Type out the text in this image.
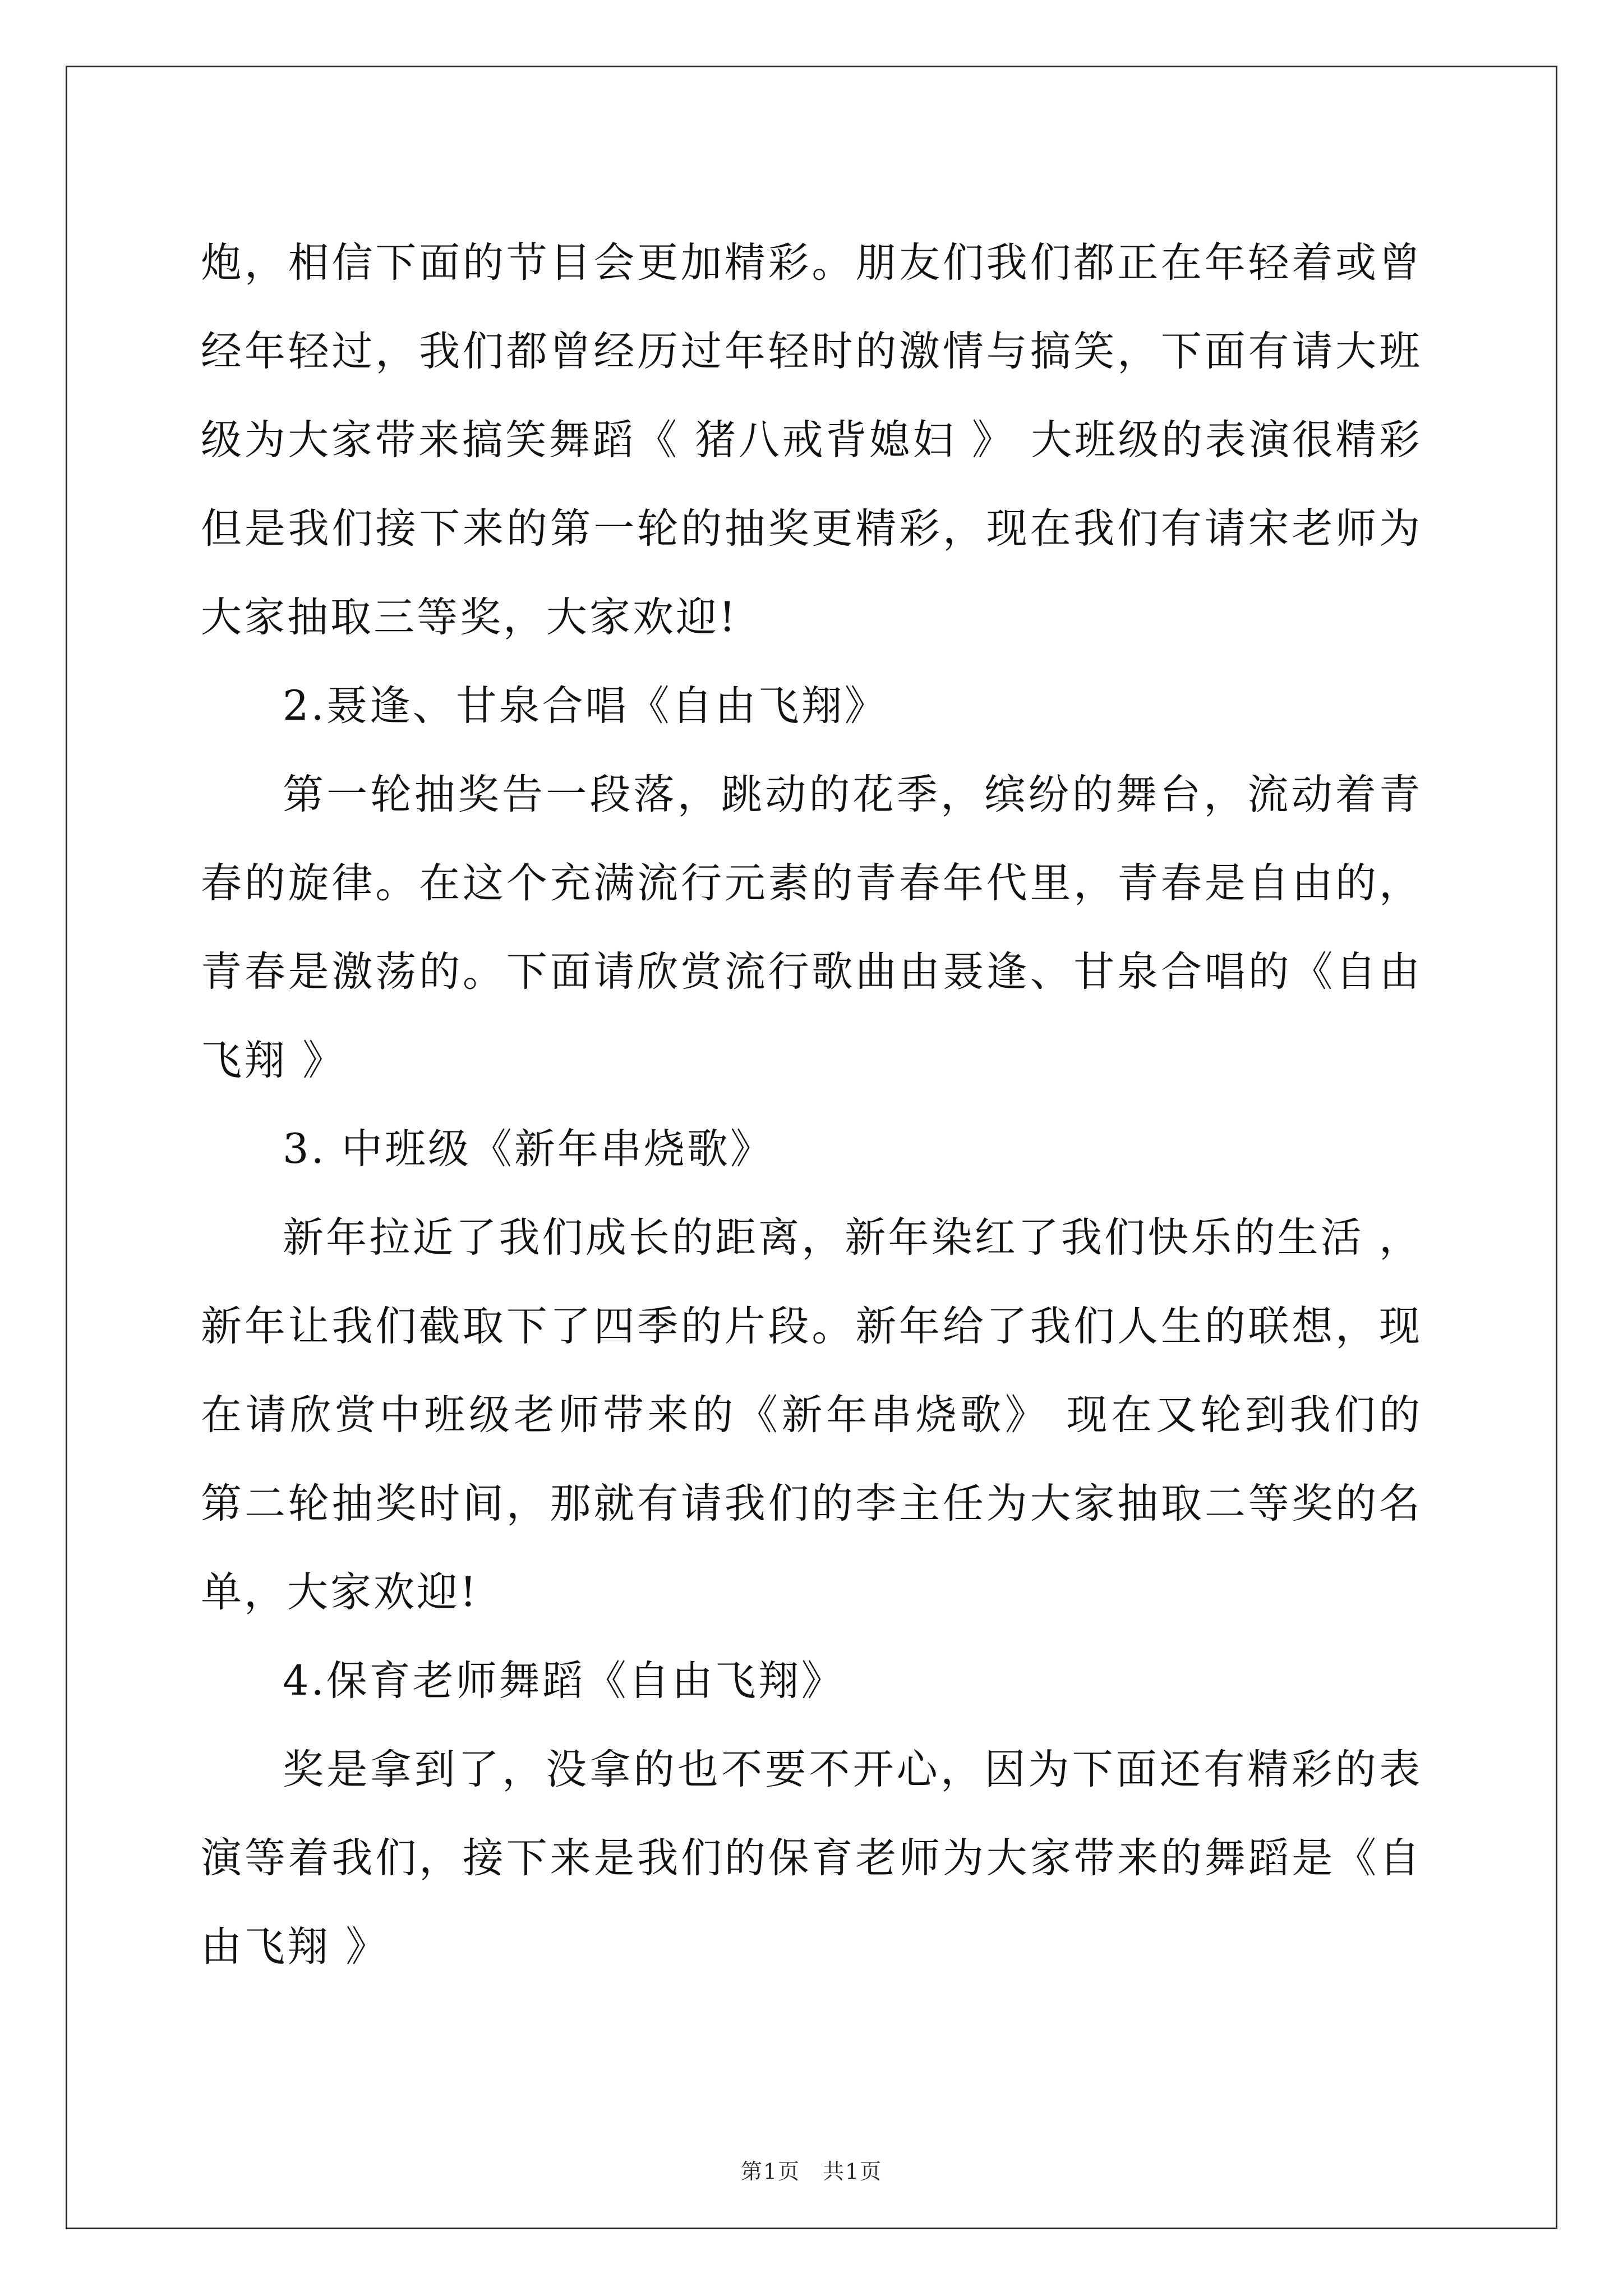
炮，相信下面的节目会更加精彩。朋友们我们都正在年轻着或曾经年轻过，我们都曾经历过年轻时的激情与搞笑，下面有请大班级为大家带来搞笑舞蹈《 猪八戒背媳妇 》 大班级的表演很精彩但是我们接下来的第一轮的抽奖更精彩，现在我们有请宋老师为大家抽取三等奖，大家欢迎!

2.聂逢、甘泉合唱《自由飞翔》

第一轮抽奖告一段落，跳动的花季，缤纷的舞台，流动着青春的旋律。在这个充满流行元素的青春年代里，青春是自由的，青春是激荡的。下面请欣赏流行歌曲由聂逢、甘泉合唱的《自由飞翔 》

3. 中班级《新年串烧歌》

新年拉近了我们成长的距离，新年染红了我们快乐的生活 ，新年让我们截取下了四季的片段。新年给了我们人生的联想，现在请欣赏中班级老师带来的《新年串烧歌》 现在又轮到我们的第二轮抽奖时间，那就有请我们的李主任为大家抽取二等奖的名单，大家欢迎!

4.保育老师舞蹈《自由飞翔》

奖是拿到了，没拿的也不要不开心，因为下面还有精彩的表演等着我们，接下来是我们的保育老师为大家带来的舞蹈是《自由飞翔 》

第1页　共1页
